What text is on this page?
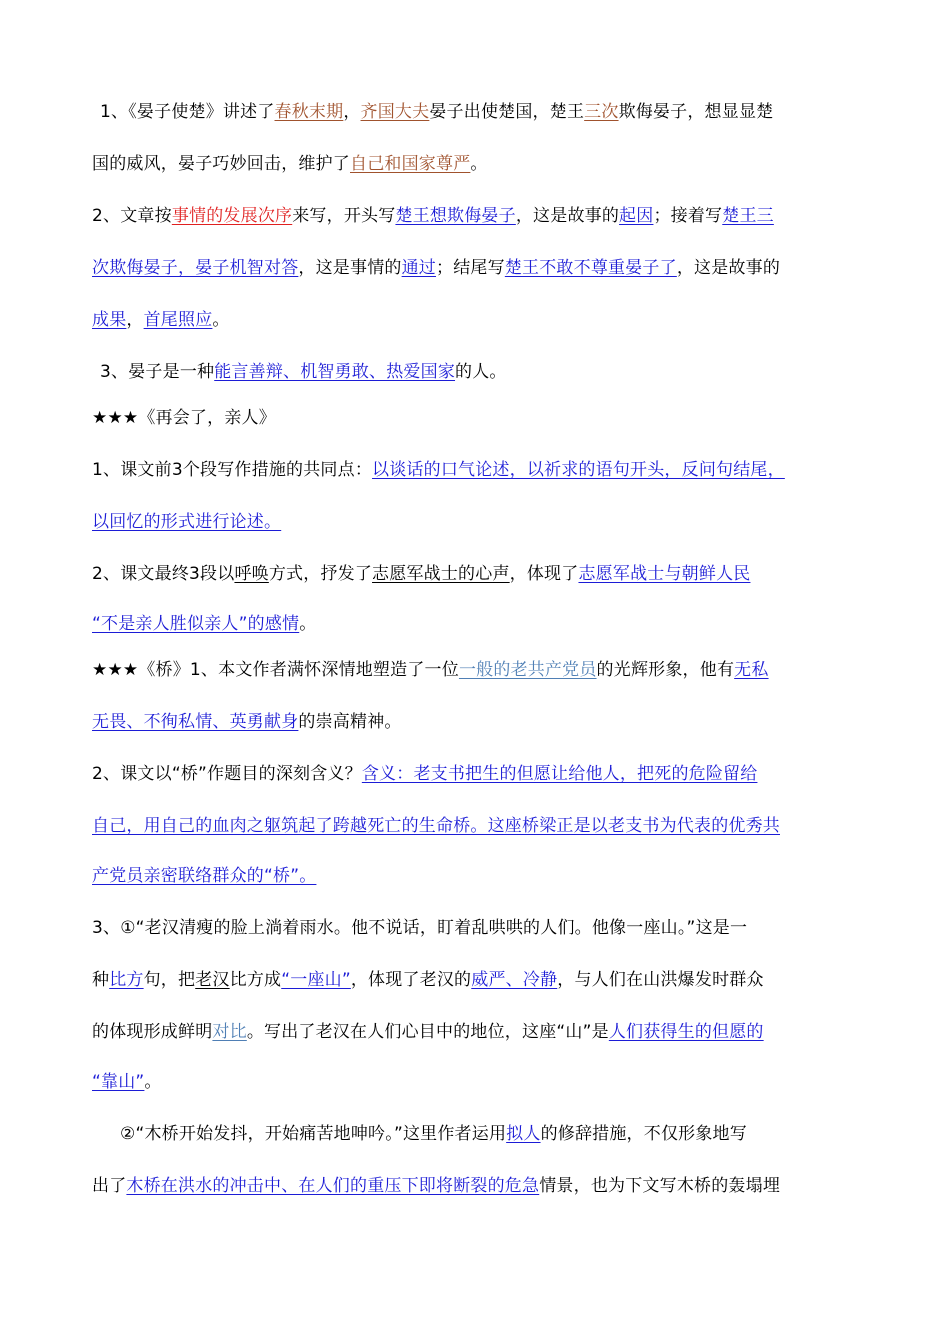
1、《晏子使楚》讲述了春秋末期，齐国大夫晏子出使楚国，楚王三次欺侮晏子，想显显楚
国的威风，晏子巧妙回击，维护了自己和国家尊严。
2、文章按事情的发展次序来写，开头写楚王想欺侮晏子，这是故事的起因；接着写楚王三
次欺侮晏子，晏子机智对答，这是事情的通过；结尾写楚王不敢不尊重晏子了，这是故事的
成果，首尾照应。
3、晏子是一种能言善辩、机智勇敢、热爱国家的人。
★★★《再会了，亲人》
1、课文前3个段写作措施的共同点：以谈话的口气论述，以祈求的语句开头，反问句结尾，
以回忆的形式进行论述。
2、课文最终3段以呼唤方式，抒发了志愿军战士的心声，体现了志愿军战士与朝鲜人民
“不是亲人胜似亲人”的感情。
★★★《桥》1、本文作者满怀深情地塑造了一位一般的老共产党员的光辉形象，他有无私
无畏、不徇私情、英勇献身的崇高精神。
2、课文以“桥”作题目的深刻含义？含义：老支书把生的但愿让给他人，把死的危险留给
自己，用自己的血肉之躯筑起了跨越死亡的生命桥。这座桥梁正是以老支书为代表的优秀共
产党员亲密联络群众的“桥”。
3、①“老汉清瘦的脸上淌着雨水。他不说话，盯着乱哄哄的人们。他像一座山。”这是一
种比方句，把老汉比方成“一座山”，体现了老汉的威严、冷静，与人们在山洪爆发时群众
的体现形成鲜明对比。写出了老汉在人们心目中的地位，这座“山”是人们获得生的但愿的
“靠山”。
②“木桥开始发抖，开始痛苦地呻吟。”这里作者运用拟人的修辞措施，不仅形象地写
出了木桥在洪水的冲击中、在人们的重压下即将断裂的危急情景，也为下文写木桥的轰塌埋
